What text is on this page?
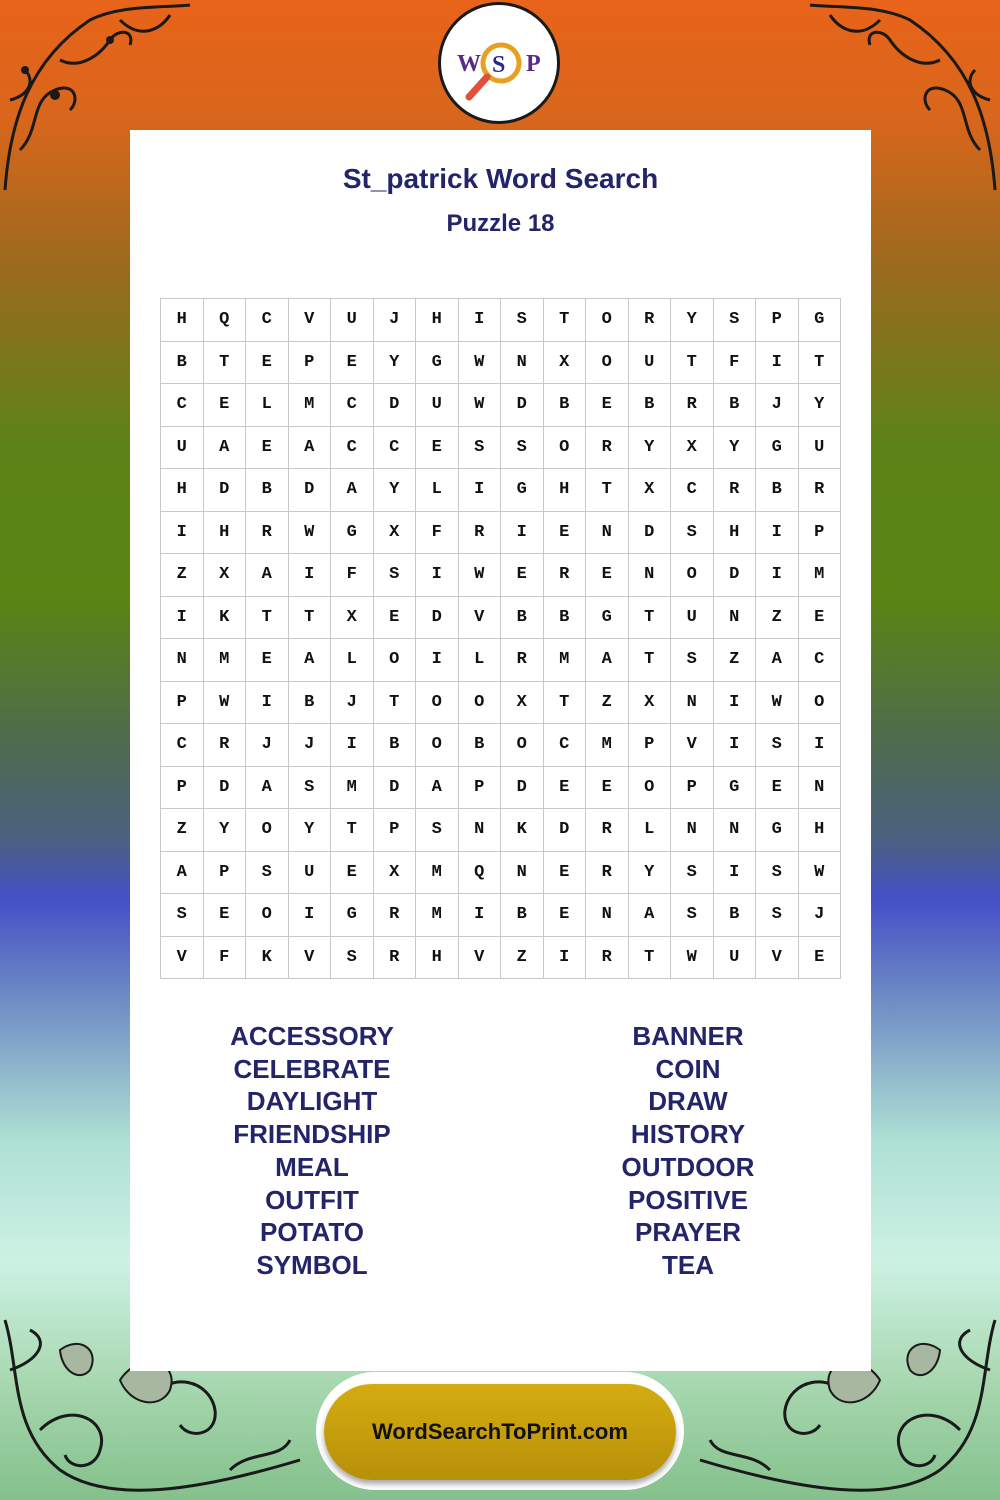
W S P
St_patrick Word Search
Puzzle 18
H	Q	C	V	U	J	H	I	S	T	O	R	Y	S	P	G
B	T	E	P	E	Y	G	W	N	X	O	U	T	F	I	T
C	E	L	M	C	D	U	W	D	B	E	B	R	B	J	Y
U	A	E	A	C	C	E	S	S	O	R	Y	X	Y	G	U
H	D	B	D	A	Y	L	I	G	H	T	X	C	R	B	R
I	H	R	W	G	X	F	R	I	E	N	D	S	H	I	P
Z	X	A	I	F	S	I	W	E	R	E	N	O	D	I	M
I	K	T	T	X	E	D	V	B	B	G	T	U	N	Z	E
N	M	E	A	L	O	I	L	R	M	A	T	S	Z	A	C
P	W	I	B	J	T	O	O	X	T	Z	X	N	I	W	O
C	R	J	J	I	B	O	B	O	C	M	P	V	I	S	I
P	D	A	S	M	D	A	P	D	E	E	O	P	G	E	N
Z	Y	O	Y	T	P	S	N	K	D	R	L	N	N	G	H
A	P	S	U	E	X	M	Q	N	E	R	Y	S	I	S	W
S	E	O	I	G	R	M	I	B	E	N	A	S	B	S	J
V	F	K	V	S	R	H	V	Z	I	R	T	W	U	V	E
ACCESSORY
CELEBRATE
DAYLIGHT
FRIENDSHIP
MEAL
OUTFIT
POTATO
SYMBOL
BANNER
COIN
DRAW
HISTORY
OUTDOOR
POSITIVE
PRAYER
TEA
WordSearchToPrint.com
